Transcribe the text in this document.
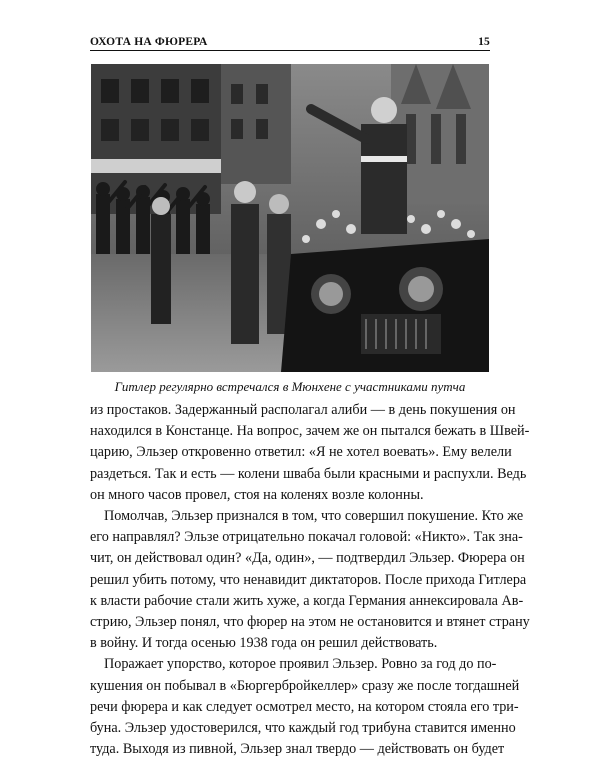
ОХОТА НА ФЮРЕРА	15
Гитлер регулярно встречался в Мюнхене с участниками путча

из простаков. Задержанный располагал алиби — в день покушения он
находился в Констанце. На вопрос, зачем же он пытался бежать в Швей-
царию, Эльзер откровенно ответил: «Я не хотел воевать». Ему велели
раздеться. Так и есть — колени шваба были красными и распухли. Ведь
он много часов провел, стоя на коленях возле колонны.

Помолчав, Эльзер признался в том, что совершил покушение. Кто же
его направлял? Эльзе отрицательно покачал головой: «Никто». Так зна-
чит, он действовал один? «Да, один», — подтвердил Эльзер. Фюрера он
решил убить потому, что ненавидит диктаторов. После прихода Гитлера
к власти рабочие стали жить хуже, а когда Германия аннексировала Ав-
стрию, Эльзер понял, что фюрер на этом не остановится и втянет страну
в войну. И тогда осенью 1938 года он решил действовать.

Поражает упорство, которое проявил Эльзер. Ровно за год до по-
кушения он побывал в «Бюргербройкеллер» сразу же после тогдашней
речи фюрера и как следует осмотрел место, на котором стояла его три-
буна. Эльзер удостоверился, что каждый год трибуна ставится именно
туда. Выходя из пивной, Эльзер знал твердо — действовать он будет
